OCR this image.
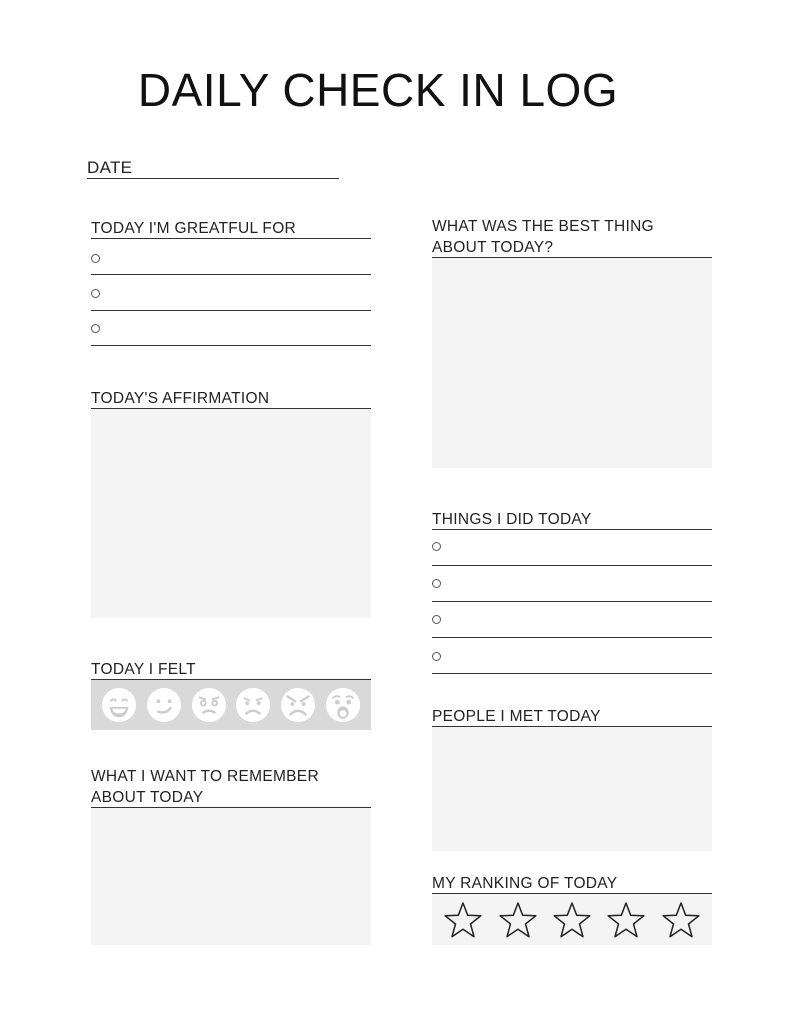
DAILY CHECK IN LOG
DATE
TODAY I'M GREATFUL FOR
TODAY'S AFFIRMATION
TODAY I FELT
WHAT I WANT TO REMEMBER
ABOUT TODAY
WHAT WAS THE BEST THING
ABOUT TODAY?
THINGS I DID TODAY
PEOPLE I MET TODAY
MY RANKING OF TODAY
